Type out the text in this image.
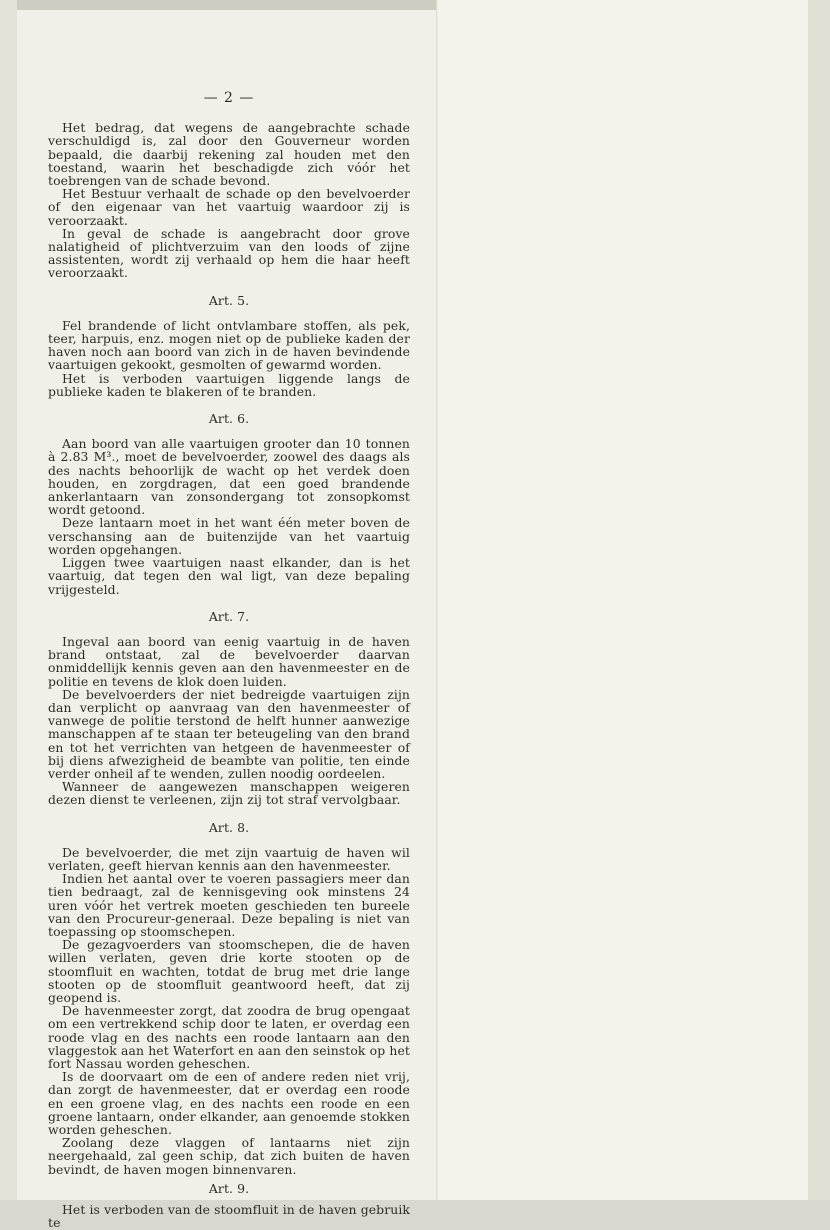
— 2 —

Het bedrag, dat wegens de aangebrachte schade verschuldigd is, zal door den Gouverneur worden bepaald, die daarbij rekening zal houden met den toestand, waarin het beschadigde zich vóór het toebrengen van de schade bevond.

Het Bestuur verhaalt de schade op den bevelvoerder of den eigenaar van het vaartuig waardoor zij is veroorzaakt.

In geval de schade is aangebracht door grove nalatigheid of plichtverzuim van den loods of zijne assistenten, wordt zij verhaald op hem die haar heeft veroorzaakt.

Art. 5.

Fel brandende of licht ontvlambare stoffen, als pek, teer, harpuis, enz. mogen niet op de publieke kaden der haven noch aan boord van zich in de haven bevindende vaartuigen gekookt, gesmolten of gewarmd worden.

Het is verboden vaartuigen liggende langs de publieke kaden te blakeren of te branden.

Art. 6.

Aan boord van alle vaartuigen grooter dan 10 tonnen à 2.83 M³., moet de bevelvoerder, zoowel des daags als des nachts behoorlijk de wacht op het verdek doen houden, en zorgdragen, dat een goed brandende ankerlantaarn van zonsondergang tot zonsopkomst wordt getoond.

Deze lantaarn moet in het want één meter boven de verschansing aan de buitenzijde van het vaartuig worden opgehangen.

Liggen twee vaartuigen naast elkander, dan is het vaartuig, dat tegen den wal ligt, van deze bepaling vrijgesteld.

Art. 7.

Ingeval aan boord van eenig vaartuig in de haven brand ontstaat, zal de bevelvoerder daarvan onmiddellijk kennis geven aan den havenmeester en de politie en tevens de klok doen luiden.

De bevelvoerders der niet bedreigde vaartuigen zijn dan verplicht op aanvraag van den havenmeester of vanwege de politie terstond de helft hunner aanwezige manschappen af te staan ter beteugeling van den brand en tot het verrichten van hetgeen de havenmeester of bij diens afwezigheid de beambte van politie, ten einde verder onheil af te wenden, zullen noodig oordeelen.

Wanneer de aangewezen manschappen weigeren dezen dienst te verleenen, zijn zij tot straf vervolgbaar.

Art. 8.

De bevelvoerder, die met zijn vaartuig de haven wil verlaten, geeft hiervan kennis aan den havenmeester.

Indien het aantal over te voeren passagiers meer dan tien bedraagt, zal de kennisgeving ook minstens 24 uren vóór het vertrek moeten geschieden ten bureele van den Procureur-generaal. Deze bepaling is niet van toepassing op stoomschepen.

De gezagvoerders van stoomschepen, die de haven willen verlaten, geven drie korte stooten op de stoomfluit en wachten, totdat de brug met drie lange stooten op de stoomfluit geantwoord heeft, dat zij geopend is.

De havenmeester zorgt, dat zoodra de brug opengaat om een vertrekkend schip door te laten, er overdag een roode vlag en des nachts een roode lantaarn aan den vlaggestok aan het Waterfort en aan den seinstok op het fort Nassau worden geheschen.

Is de doorvaart om de een of andere reden niet vrij, dan zorgt de havenmeester, dat er overdag een roode en een groene vlag, en des nachts een roode en een groene lantaarn, onder elkander, aan genoemde stokken worden geheschen.

Zoolang deze vlaggen of lantaarns niet zijn neergehaald, zal geen schip, dat zich buiten de haven bevindt, de haven mogen binnenvaren.

Art. 9.

Het is verboden van de stoomfluit in de haven gebruik te
